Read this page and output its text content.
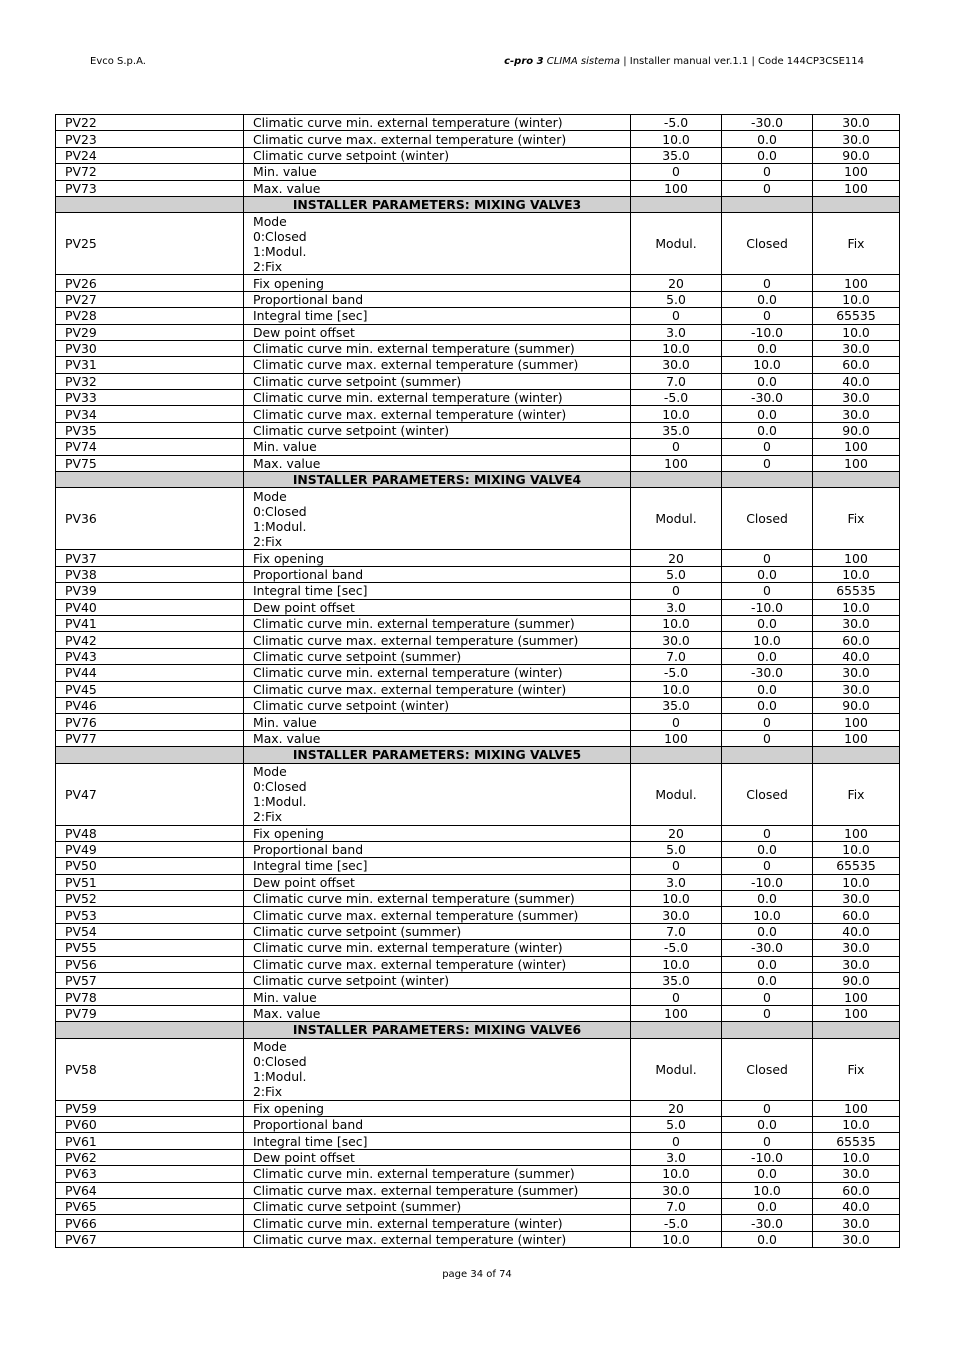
Evco S.p.A.	c-pro 3 CLIMA sistema | Installer manual ver.1.1 | Code 144CP3CSE114
PV22	Climatic curve min. external temperature (winter)	-5.0	-30.0	30.0
PV23	Climatic curve max. external temperature (winter)	10.0	0.0	30.0
PV24	Climatic curve setpoint (winter)	35.0	0.0	90.0
PV72	Min. value	0	0	100
PV73	Max. value	100	0	100
	INSTALLER PARAMETERS: MIXING VALVE3			
PV25	Mode
0:Closed
1:Modul.
2:Fix	Modul.	Closed	Fix
PV26	Fix opening	20	0	100
PV27	Proportional band	5.0	0.0	10.0
PV28	Integral time [sec]	0	0	65535
PV29	Dew point offset	3.0	-10.0	10.0
PV30	Climatic curve min. external temperature (summer)	10.0	0.0	30.0
PV31	Climatic curve max. external temperature (summer)	30.0	10.0	60.0
PV32	Climatic curve setpoint (summer)	7.0	0.0	40.0
PV33	Climatic curve min. external temperature (winter)	-5.0	-30.0	30.0
PV34	Climatic curve max. external temperature (winter)	10.0	0.0	30.0
PV35	Climatic curve setpoint (winter)	35.0	0.0	90.0
PV74	Min. value	0	0	100
PV75	Max. value	100	0	100
	INSTALLER PARAMETERS: MIXING VALVE4			
PV36	Mode
0:Closed
1:Modul.
2:Fix	Modul.	Closed	Fix
PV37	Fix opening	20	0	100
PV38	Proportional band	5.0	0.0	10.0
PV39	Integral time [sec]	0	0	65535
PV40	Dew point offset	3.0	-10.0	10.0
PV41	Climatic curve min. external temperature (summer)	10.0	0.0	30.0
PV42	Climatic curve max. external temperature (summer)	30.0	10.0	60.0
PV43	Climatic curve setpoint (summer)	7.0	0.0	40.0
PV44	Climatic curve min. external temperature (winter)	-5.0	-30.0	30.0
PV45	Climatic curve max. external temperature (winter)	10.0	0.0	30.0
PV46	Climatic curve setpoint (winter)	35.0	0.0	90.0
PV76	Min. value	0	0	100
PV77	Max. value	100	0	100
	INSTALLER PARAMETERS: MIXING VALVE5			
PV47	Mode
0:Closed
1:Modul.
2:Fix	Modul.	Closed	Fix
PV48	Fix opening	20	0	100
PV49	Proportional band	5.0	0.0	10.0
PV50	Integral time [sec]	0	0	65535
PV51	Dew point offset	3.0	-10.0	10.0
PV52	Climatic curve min. external temperature (summer)	10.0	0.0	30.0
PV53	Climatic curve max. external temperature (summer)	30.0	10.0	60.0
PV54	Climatic curve setpoint (summer)	7.0	0.0	40.0
PV55	Climatic curve min. external temperature (winter)	-5.0	-30.0	30.0
PV56	Climatic curve max. external temperature (winter)	10.0	0.0	30.0
PV57	Climatic curve setpoint (winter)	35.0	0.0	90.0
PV78	Min. value	0	0	100
PV79	Max. value	100	0	100
	INSTALLER PARAMETERS: MIXING VALVE6			
PV58	Mode
0:Closed
1:Modul.
2:Fix	Modul.	Closed	Fix
PV59	Fix opening	20	0	100
PV60	Proportional band	5.0	0.0	10.0
PV61	Integral time [sec]	0	0	65535
PV62	Dew point offset	3.0	-10.0	10.0
PV63	Climatic curve min. external temperature (summer)	10.0	0.0	30.0
PV64	Climatic curve max. external temperature (summer)	30.0	10.0	60.0
PV65	Climatic curve setpoint (summer)	7.0	0.0	40.0
PV66	Climatic curve min. external temperature (winter)	-5.0	-30.0	30.0
PV67	Climatic curve max. external temperature (winter)	10.0	0.0	30.0
page 34 of 74
